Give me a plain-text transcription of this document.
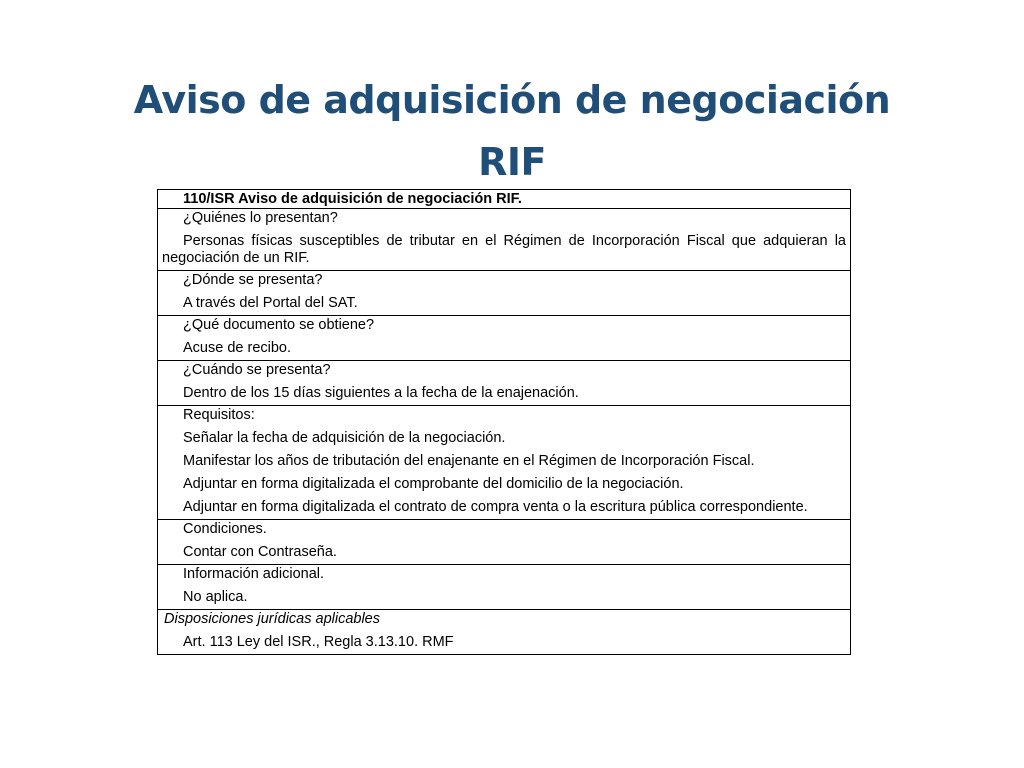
Aviso de adquisición de negociación
RIF
110/ISR Aviso de adquisición de negociación RIF.
¿Quiénes lo presentan?
Personas físicas susceptibles de tributar en el Régimen de Incorporación Fiscal que adquieran la negociación de un RIF.
¿Dónde se presenta?
A través del Portal del SAT.
¿Qué documento se obtiene?
Acuse de recibo.
¿Cuándo se presenta?
Dentro de los 15 días siguientes a la fecha de la enajenación.
Requisitos:
Señalar la fecha de adquisición de la negociación.
Manifestar los años de tributación del enajenante en el Régimen de Incorporación Fiscal.
Adjuntar en forma digitalizada el comprobante del domicilio de la negociación.
Adjuntar en forma digitalizada el contrato de compra venta o la escritura pública correspondiente.
Condiciones.
Contar con Contraseña.
Información adicional.
No aplica.
Disposiciones jurídicas aplicables
Art. 113 Ley del ISR., Regla 3.13.10. RMF
